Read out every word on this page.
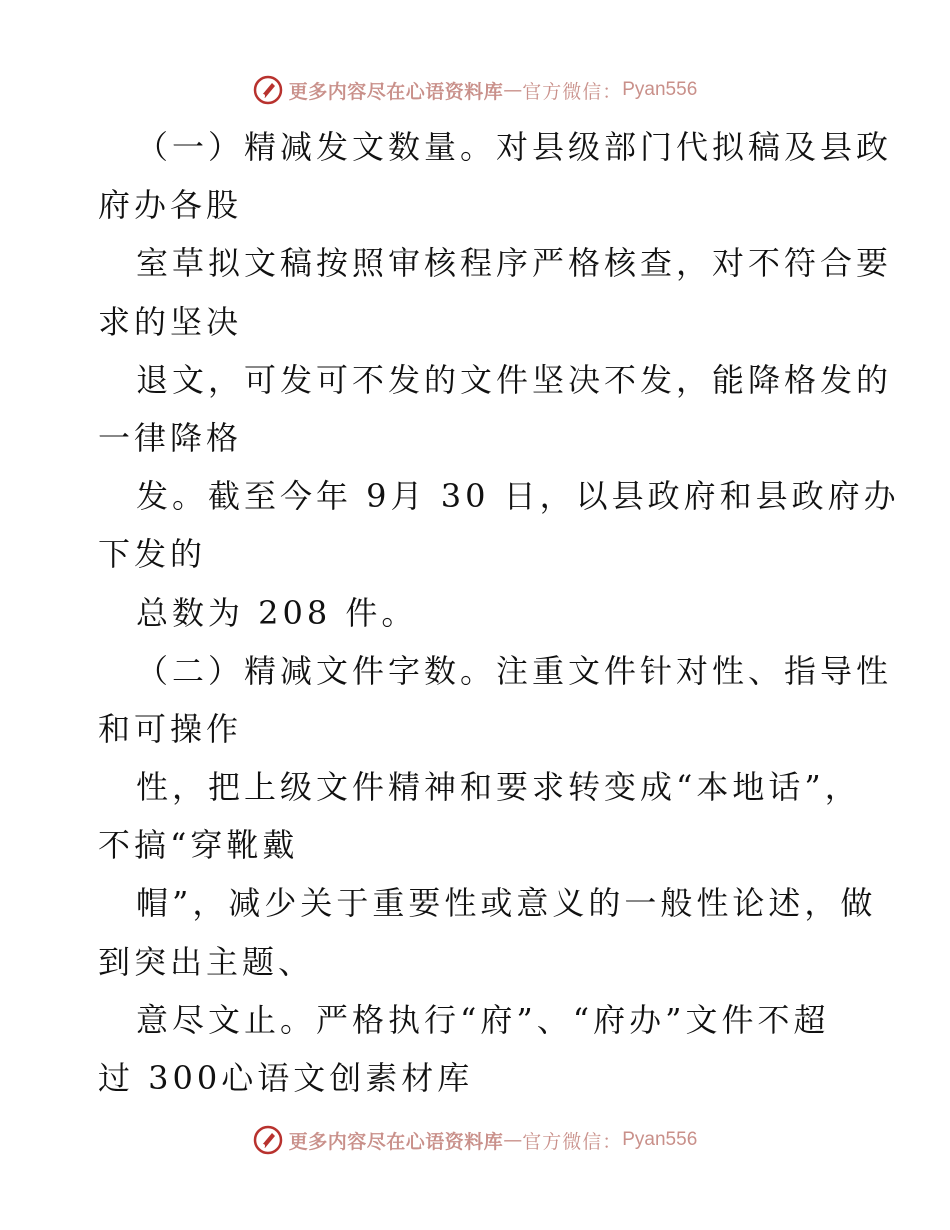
更多内容尽在心语资料库 — 官方微信： Pyan556
（一）精减发文数量。对县级部门代拟稿及县政
府办各股
室草拟文稿按照审核程序严格核查，对不符合要
求的坚决
退文，可发可不发的文件坚决不发，能降格发的
一律降格
发。截至今年 9月 30 日，以县政府和县政府办
下发的
总数为 208 件。
（二）精减文件字数。注重文件针对性、指导性
和可操作
性，把上级文件精神和要求转变成“本地话”，
不搞“穿靴戴
帽”，减少关于重要性或意义的一般性论述，做
到突出主题、
意尽文止。严格执行“府”、“府办”文件不超
过 300心语文创素材库
更多内容尽在心语资料库 — 官方微信： Pyan556
